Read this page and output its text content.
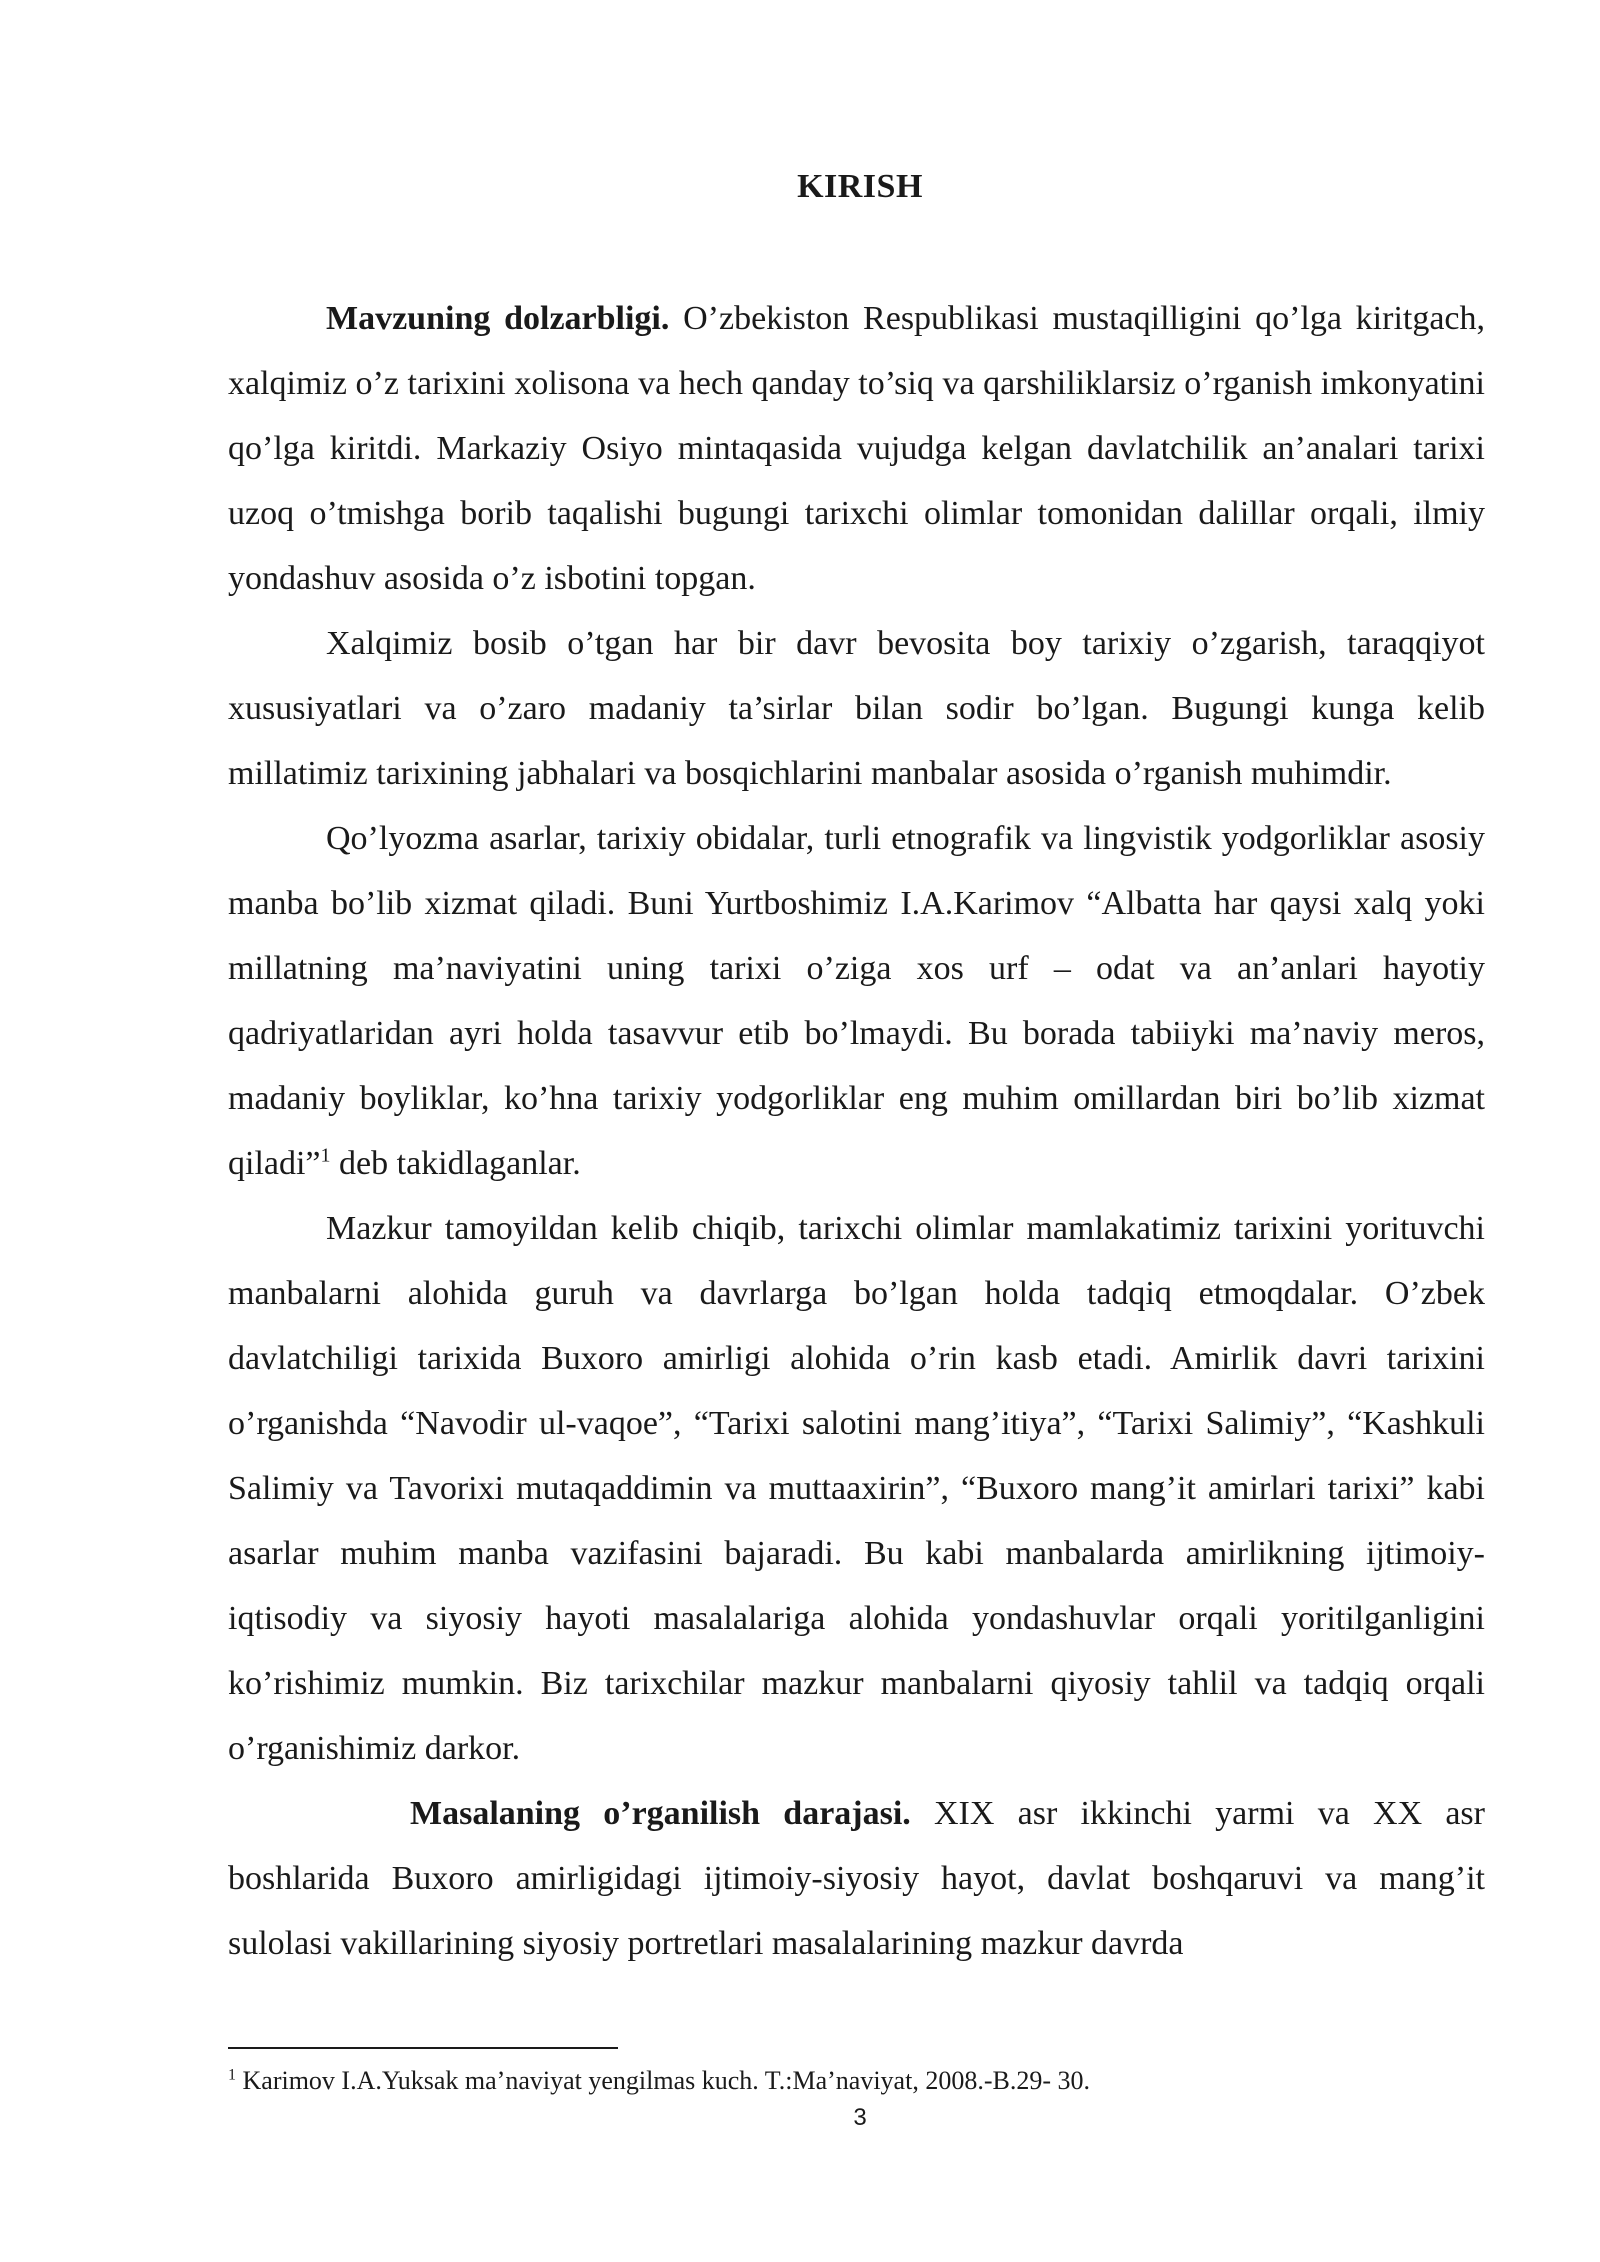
KIRISH

Mavzuning dolzarbligi. O’zbekiston Respublikasi mustaqilligini qo’lga kiritgach, xalqimiz o’z tarixini xolisona va hech qanday to’siq va qarshiliklarsiz o’rganish imkonyatini qo’lga kiritdi. Markaziy Osiyo mintaqasida vujudga kelgan davlatchilik an’analari tarixi uzoq o’tmishga borib taqalishi bugungi tarixchi olimlar tomonidan dalillar orqali, ilmiy yondashuv asosida o’z isbotini topgan.

Xalqimiz bosib o’tgan har bir davr bevosita boy tarixiy o’zgarish, taraqqiyot xususiyatlari va o’zaro madaniy ta’sirlar bilan sodir bo’lgan. Bugungi kunga kelib millatimiz tarixining jabhalari va bosqichlarini manbalar asosida o’rganish muhimdir.

Qo’lyozma asarlar, tarixiy obidalar, turli etnografik va lingvistik yodgorliklar asosiy manba bo’lib xizmat qiladi. Buni Yurtboshimiz I.A.Karimov “Albatta har qaysi xalq yoki millatning ma’naviyatini uning tarixi o’ziga xos urf – odat va an’anlari hayotiy qadriyatlaridan ayri holda tasavvur etib bo’lmaydi. Bu borada tabiiyki ma’naviy meros, madaniy boyliklar, ko’hna tarixiy yodgorliklar eng muhim omillardan biri bo’lib xizmat qiladi”$^1$ deb takidlaganlar.

Mazkur tamoyildan kelib chiqib, tarixchi olimlar mamlakatimiz tarixini yorituvchi manbalarni alohida guruh va davrlarga bo’lgan holda tadqiq etmoqdalar. O’zbek davlatchiligi tarixida Buxoro amirligi alohida o’rin kasb etadi. Amirlik davri tarixini o’rganishda “Navodir ul-vaqoe”, “Tarixi salotini mang’itiya”, “Tarixi Salimiy”, “Kashkuli Salimiy va Tavorixi mutaqaddimin va muttaaxirin”, “Buxoro mang’it amirlari tarixi” kabi asarlar muhim manba vazifasini bajaradi. Bu kabi manbalarda amirlikning ijtimoiy-iqtisodiy va siyosiy hayoti masalalariga alohida yondashuvlar orqali yoritilganligini ko’rishimiz mumkin. Biz tarixchilar mazkur manbalarni qiyosiy tahlil va tadqiq orqali o’rganishimiz darkor.

Masalaning o’rganilish darajasi. XIX asr ikkinchi yarmi va XX asr boshlarida Buxoro amirligidagi ijtimoiy-siyosiy hayot, davlat boshqaruvi va mang’it sulolasi vakillarining siyosiy portretlari masalalarining mazkur davrda

$^1$ Karimov I.A.Yuksak ma’naviyat yengilmas kuch. T.:Ma’naviyat, 2008.-B.29- 30.
3
